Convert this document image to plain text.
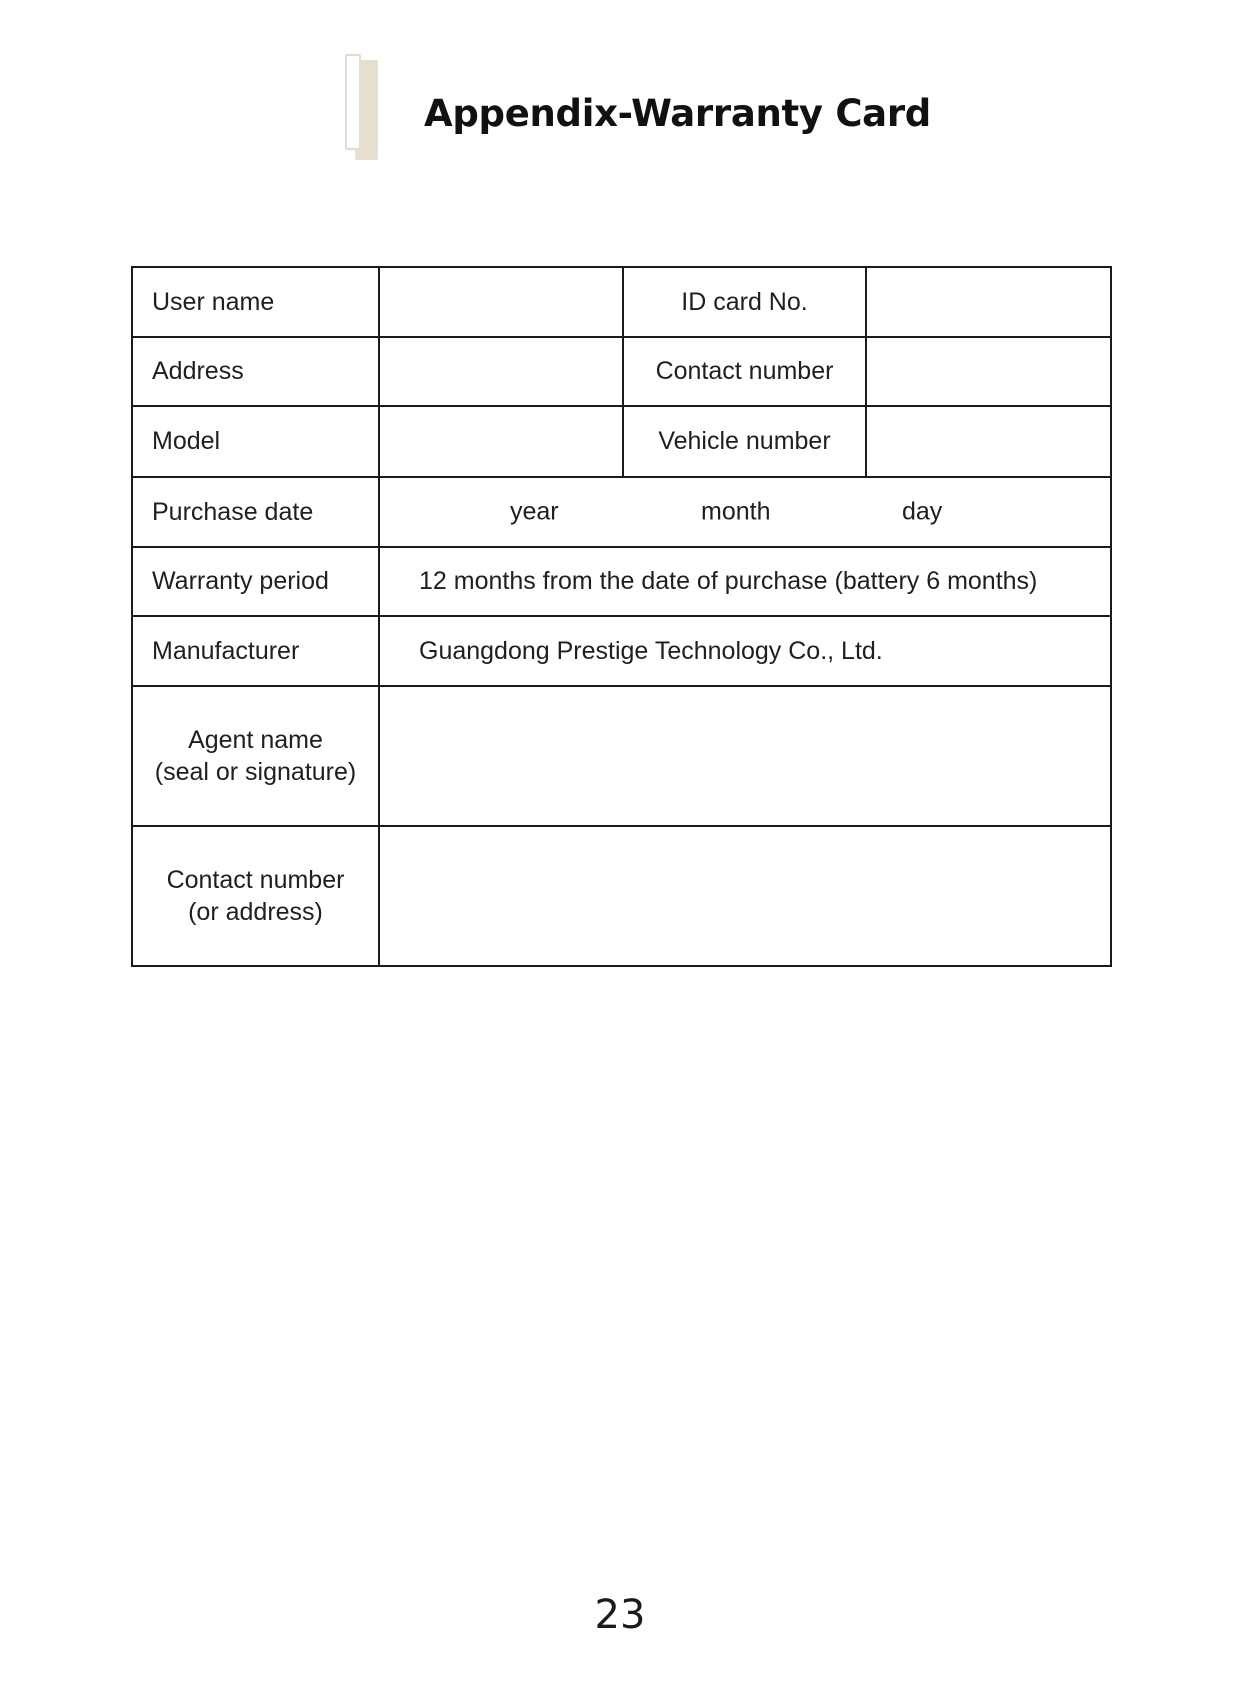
Appendix-Warranty Card
User name		ID card No.	
Address		Contact number	
Model		Vehicle number	
Purchase date	year month day		

Warranty period	12 months from the date of purchase (battery 6 months)		
Manufacturer	Guangdong Prestige Technology Co., Ltd.		

Agent name
(seal or signature)			

Contact number
(or address)			

23
